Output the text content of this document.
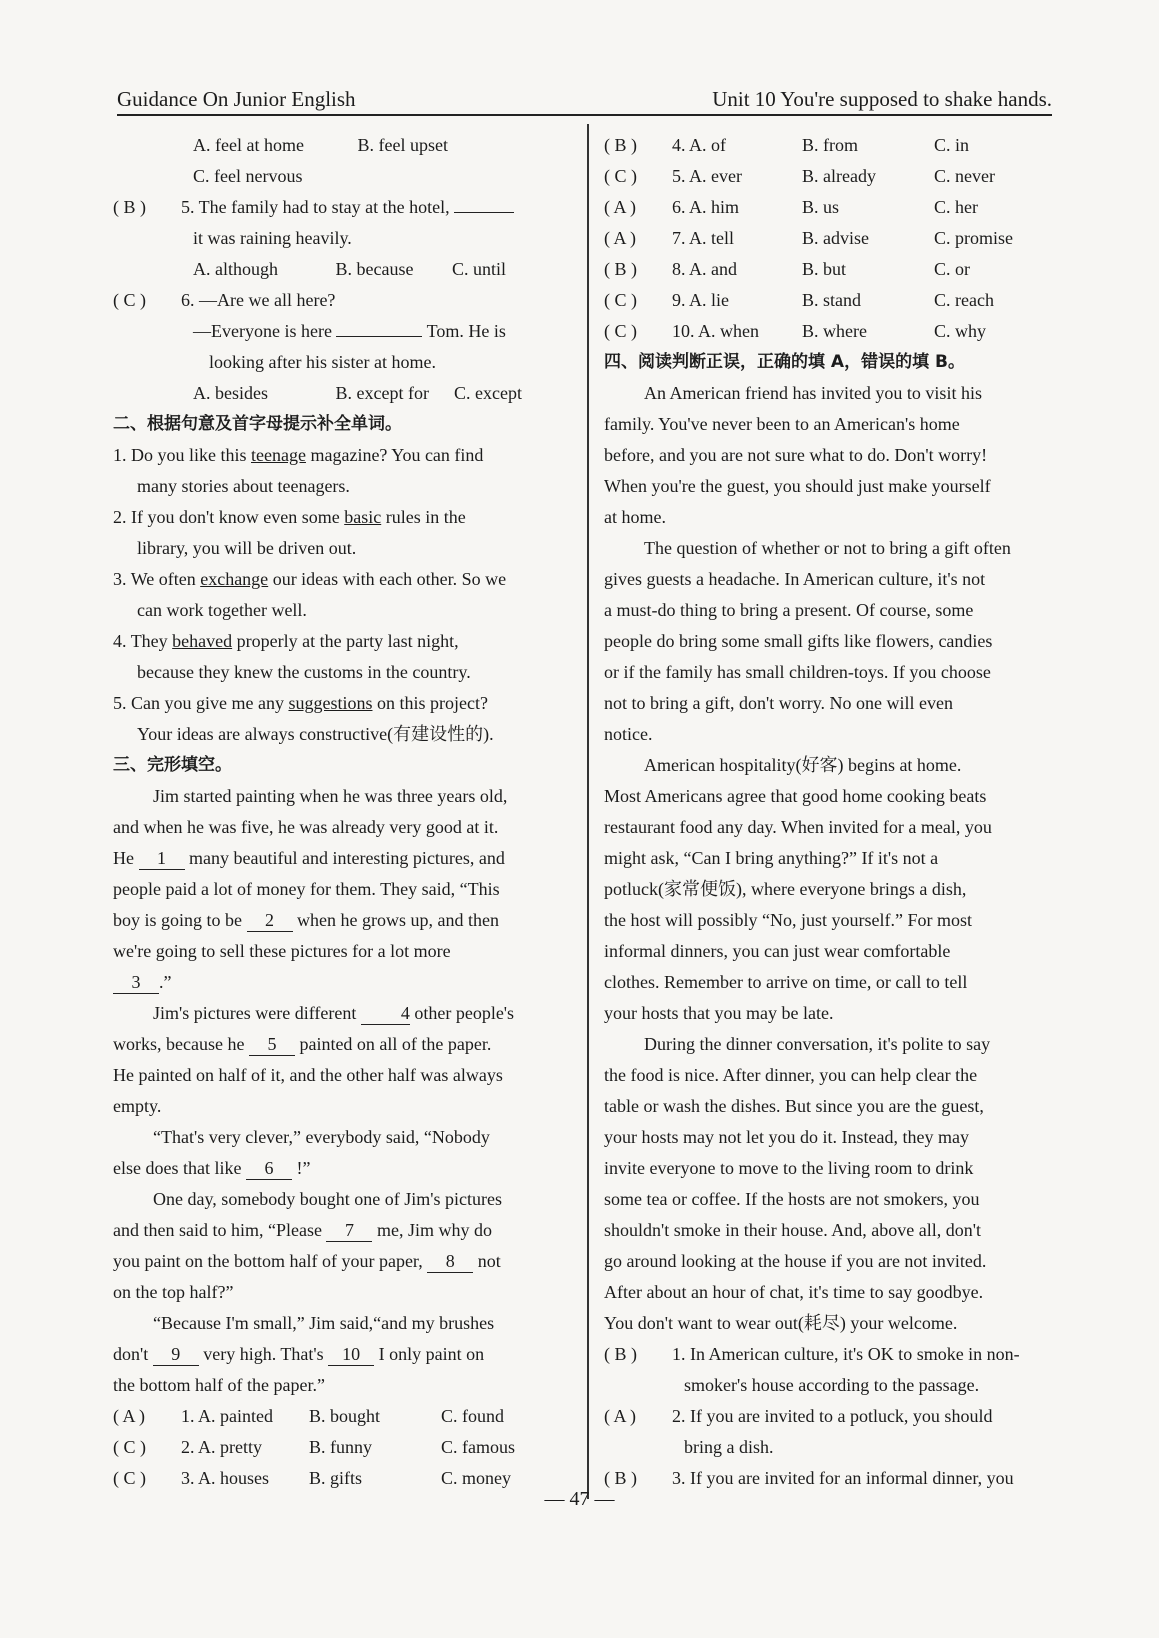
Guidance On Junior English	Unit 10 You're supposed to shake hands.
A. feel at home	B. feel upset
C. feel nervous
( B ) 5. The family had to stay at the hotel,
it was raining heavily.
A. although	B. because C. until
( C ) 6. —Are we all here?
—Everyone is here	Tom. He is
looking after his sister at home.
A. besides	B. except for C. except
二、根据句意及首字母提示补全单词。
1. Do you like this teenage magazine? You can find
many stories about teenagers.
2. If you don't know even some basic rules in the
library, you will be driven out.
3. We often exchange our ideas with each other. So we
can work together well.
4. They behaved properly at the party last night,
because they knew the customs in the country.
5. Can you give me any suggestions on this project?
Your ideas are always constructive(有建设性的).
三、完形填空。
Jim started painting when he was three years old,
and when he was five, he was already very good at it.
He 1 many beautiful and interesting pictures, and
people paid a lot of money for them. They said, “This
boy is going to be 2 when he grows up, and then
we're going to sell these pictures for a lot more
3 .”
Jim's pictures were different 4 other people's
works, because he 5 painted on all of the paper.
He painted on half of it, and the other half was always
empty.
“That's very clever,” everybody said, “Nobody
else does that like 6 !”
One day, somebody bought one of Jim's pictures
and then said to him, “Please 7 me, Jim why do
you paint on the bottom half of your paper, 8 not
on the top half?”
“Because I'm small,” Jim said,“and my brushes
don't 9 very high. That's 10 I only paint on
the bottom half of the paper.”
( A ) 1. A. painted B. bought	C. found
( C ) 2. A. pretty	B. funny	C. famous
( C ) 3. A. houses B. gifts	C. money
( B ) 4. A. of	B. from	C. in
( C ) 5. A. ever	B. already	C. never
( A ) 6. A. him	B. us	C. her
( A ) 7. A. tell	B. advise	C. promise
( B ) 8. A. and	B. but	C. or
( C ) 9. A. lie	B. stand	C. reach
( C ) 10. A. when B. where	C. why
四、阅读判断正误，正确的填 A，错误的填 B。
An American friend has invited you to visit his
family. You've never been to an American's home
before, and you are not sure what to do. Don't worry!
When you're the guest, you should just make yourself
at home.
The question of whether or not to bring a gift often
gives guests a headache. In American culture, it's not
a must-do thing to bring a present. Of course, some
people do bring some small gifts like flowers, candies
or if the family has small children-toys. If you choose
not to bring a gift, don't worry. No one will even
notice.
American hospitality(好客) begins at home.
Most Americans agree that good home cooking beats
restaurant food any day. When invited for a meal, you
might ask, “Can I bring anything?” If it's not a
potluck(家常便饭), where everyone brings a dish,
the host will possibly “No, just yourself.” For most
informal dinners, you can just wear comfortable
clothes. Remember to arrive on time, or call to tell
your hosts that you may be late.
During the dinner conversation, it's polite to say
the food is nice. After dinner, you can help clear the
table or wash the dishes. But since you are the guest,
your hosts may not let you do it. Instead, they may
invite everyone to move to the living room to drink
some tea or coffee. If the hosts are not smokers, you
shouldn't smoke in their house. And, above all, don't
go around looking at the house if you are not invited.
After about an hour of chat, it's time to say goodbye.
You don't want to wear out(耗尽) your welcome.
( B ) 1. In American culture, it's OK to smoke in non-
smoker's house according to the passage.
( A ) 2. If you are invited to a potluck, you should
bring a dish.
( B ) 3. If you are invited for an informal dinner, you
— 47 —
